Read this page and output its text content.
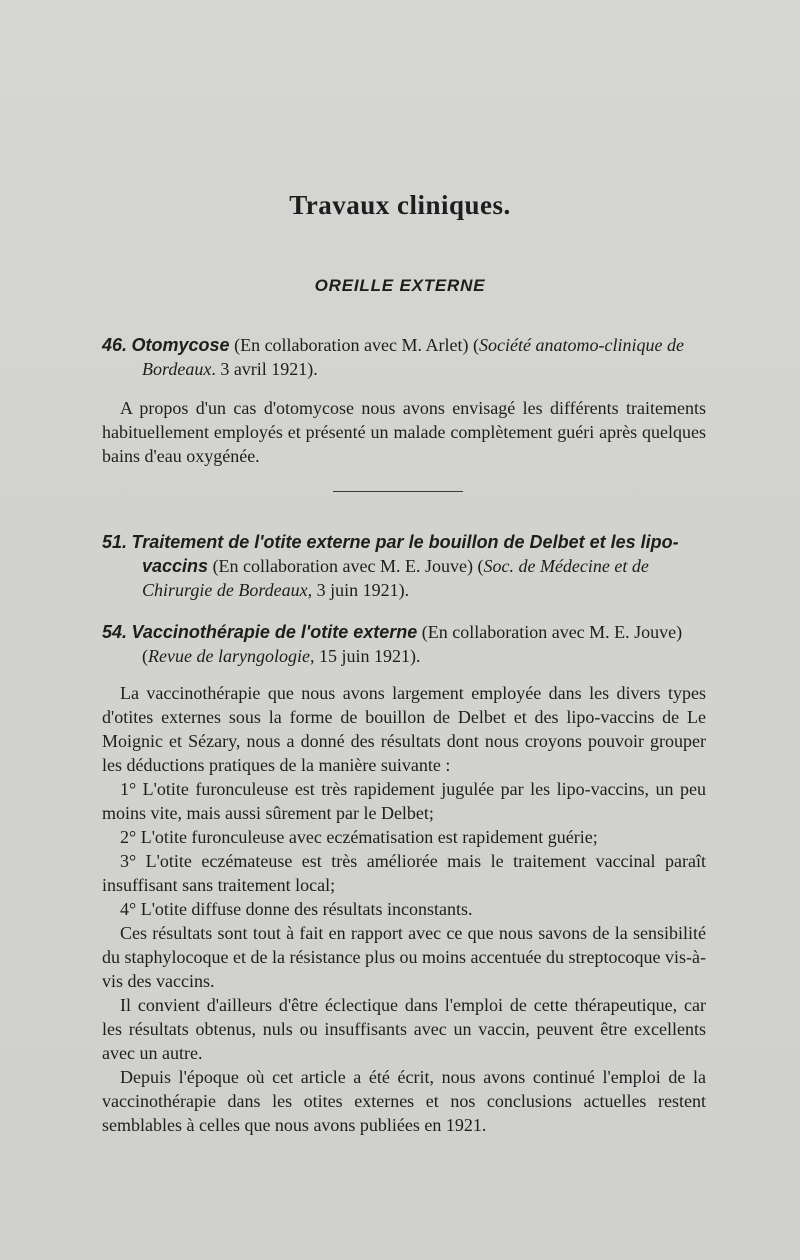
Travaux cliniques.
OREILLE EXTERNE
46. Otomycose (En collaboration avec M. Arlet) (Société anatomo-clinique de Bordeaux. 3 avril 1921).

A propos d'un cas d'otomycose nous avons envisagé les différents traitements habituellement employés et présenté un malade complètement guéri après quelques bains d'eau oxygénée.

51. Traitement de l'otite externe par le bouillon de Delbet et les lipo-vaccins (En collaboration avec M. E. Jouve) (Soc. de Médecine et de Chirurgie de Bordeaux, 3 juin 1921).
54. Vaccinothérapie de l'otite externe (En collaboration avec M. E. Jouve) (Revue de laryngologie, 15 juin 1921).

La vaccinothérapie que nous avons largement employée dans les divers types d'otites externes sous la forme de bouillon de Delbet et des lipo-vaccins de Le Moignic et Sézary, nous a donné des résultats dont nous croyons pouvoir grouper les déductions pratiques de la manière suivante :

1° L'otite furonculeuse est très rapidement jugulée par les lipo-vaccins, un peu moins vite, mais aussi sûrement par le Delbet;

2° L'otite furonculeuse avec eczématisation est rapidement guérie;

3° L'otite eczémateuse est très améliorée mais le traitement vaccinal paraît insuffisant sans traitement local;

4° L'otite diffuse donne des résultats inconstants.

Ces résultats sont tout à fait en rapport avec ce que nous savons de la sensibilité du staphylocoque et de la résistance plus ou moins accentuée du streptocoque vis-à-vis des vaccins.

Il convient d'ailleurs d'être éclectique dans l'emploi de cette thérapeutique, car les résultats obtenus, nuls ou insuffisants avec un vaccin, peuvent être excellents avec un autre.

Depuis l'époque où cet article a été écrit, nous avons continué l'emploi de la vaccinothérapie dans les otites externes et nos conclusions actuelles restent semblables à celles que nous avons publiées en 1921.
